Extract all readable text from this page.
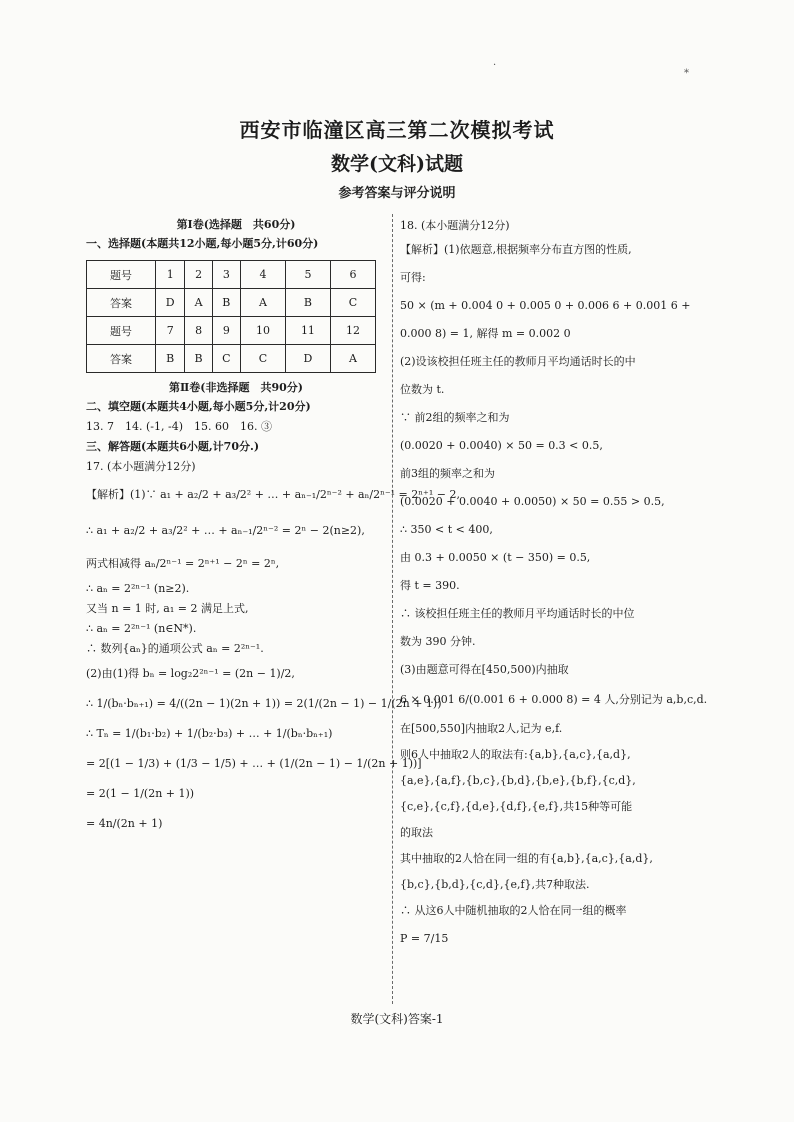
西安市临潼区高三第二次模拟考试
数学(文科)试题
参考答案与评分说明
第Ⅰ卷(选择题　共60分)
一、选择题(本题共12小题,每小题5分,计60分)
题号	1	2	3	4	5	6
答案	D	A	B	A	B	C
题号	7	8	9	10	11	12
答案	B	B	C	C	D	A
第Ⅱ卷(非选择题　共90分)
二、填空题(本题共4小题,每小题5分,计20分)
13. 7　14. (-1, -4)　15. 60　16. ③
三、解答题(本题共6小题,计70分.)
17. (本小题满分12分)
【解析】(1)∵ a₁ + a₂/2 + a₃/2² + … + aₙ₋₁/2ⁿ⁻² + aₙ/2ⁿ⁻¹ = 2ⁿ⁺¹ − 2,
∴ a₁ + a₂/2 + a₃/2² + … + aₙ₋₁/2ⁿ⁻² = 2ⁿ − 2(n≥2),
两式相减得 aₙ/2ⁿ⁻¹ = 2ⁿ⁺¹ − 2ⁿ = 2ⁿ,
∴ aₙ = 2²ⁿ⁻¹ (n≥2).
又当 n = 1 时, a₁ = 2 满足上式,
∴ aₙ = 2²ⁿ⁻¹ (n∈N*).
∴ 数列{aₙ}的通项公式 aₙ = 2²ⁿ⁻¹.
(2)由(1)得 bₙ = log₂2²ⁿ⁻¹ = (2n − 1)/2,
∴ 1/(bₙ·bₙ₊₁) = 4/((2n − 1)(2n + 1)) = 2(1/(2n − 1) − 1/(2n + 1))
∴ Tₙ = 1/(b₁·b₂) + 1/(b₂·b₃) + … + 1/(bₙ·bₙ₊₁)
= 2[(1 − 1/3) + (1/3 − 1/5) + … + (1/(2n − 1) − 1/(2n + 1))]
= 2(1 − 1/(2n + 1))
= 4n/(2n + 1)
18. (本小题满分12分)
【解析】(1)依题意,根据频率分布直方图的性质,
可得:
50 × (m + 0.004 0 + 0.005 0 + 0.006 6 + 0.001 6 +
0.000 8) = 1, 解得 m = 0.002 0
(2)设该校担任班主任的教师月平均通话时长的中
位数为 t.
∵ 前2组的频率之和为
(0.0020 + 0.0040) × 50 = 0.3 < 0.5,
前3组的频率之和为
(0.0020 + 0.0040 + 0.0050) × 50 = 0.55 > 0.5,
∴ 350 < t < 400,
由 0.3 + 0.0050 × (t − 350) = 0.5,
得 t = 390.
∴ 该校担任班主任的教师月平均通话时长的中位
数为 390 分钟.
(3)由题意可得在[450,500)内抽取
6 × 0.001 6/(0.001 6 + 0.000 8) = 4 人,分别记为 a,b,c,d.
在[500,550]内抽取2人,记为 e,f.
则6人中抽取2人的取法有:{a,b},{a,c},{a,d},
{a,e},{a,f},{b,c},{b,d},{b,e},{b,f},{c,d},
{c,e},{c,f},{d,e},{d,f},{e,f},共15种等可能
的取法
其中抽取的2人恰在同一组的有{a,b},{a,c},{a,d},
{b,c},{b,d},{c,d},{e,f},共7种取法.
∴ 从这6人中随机抽取的2人恰在同一组的概率
P = 7/15
数学(文科)答案-1
·
*
